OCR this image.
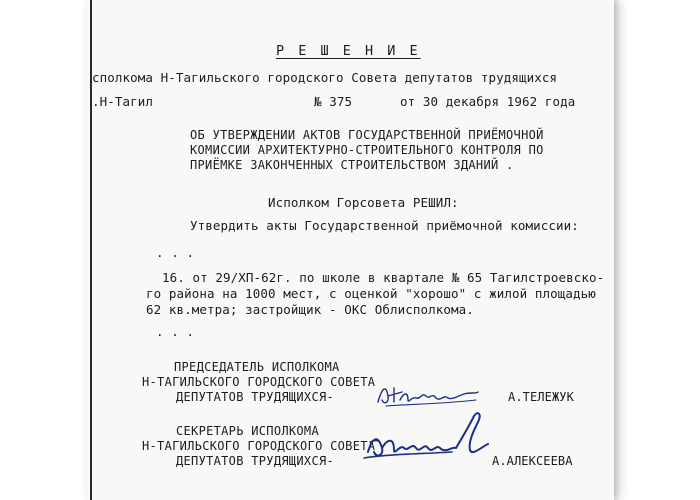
Р Е Ш Е Н И Е

сполкома Н-Тагильского городского Совета депутатов трудящихся

.Н-Тагил	№ 375	от 30 декабря 1962 года

ОБ УТВЕРЖДЕНИИ АКТОВ ГОСУДАРСТВЕННОЙ ПРИЁМОЧНОЙ

КОМИССИИ АРХИТЕКТУРНО-СТРОИТЕЛЬНОГО КОНТРОЛЯ ПО

ПРИЁМКЕ ЗАКОНЧЕННЫХ СТРОИТЕЛЬСТВОМ ЗДАНИЙ .

Исполком Горсовета РЕШИЛ:

Утвердить акты Государственной приёмочной комиссии:

. . .

16. от 29/XП-62г. по школе в квартале № 65 Тагилстроевско-

го района на 1000 мест, с оценкой "хорошо" с жилой площадью

62 кв.метра; застройщик - ОКС Облисполкома.

. . .

ПРЕДСЕДАТЕЛЬ ИСПОЛКОМА

Н-ТАГИЛЬСКОГО ГОРОДСКОГО СОВЕТА

ДЕПУТАТОВ ТРУДЯЩИХСЯ-	А.ТЕЛЕЖУК

СЕКРЕТАРЬ ИСПОЛКОМА

Н-ТАГИЛЬСКОГО ГОРОДСКОГО СОВЕТА

ДЕПУТАТОВ ТРУДЯЩИХСЯ-	А.АЛЕКСЕЕВА
